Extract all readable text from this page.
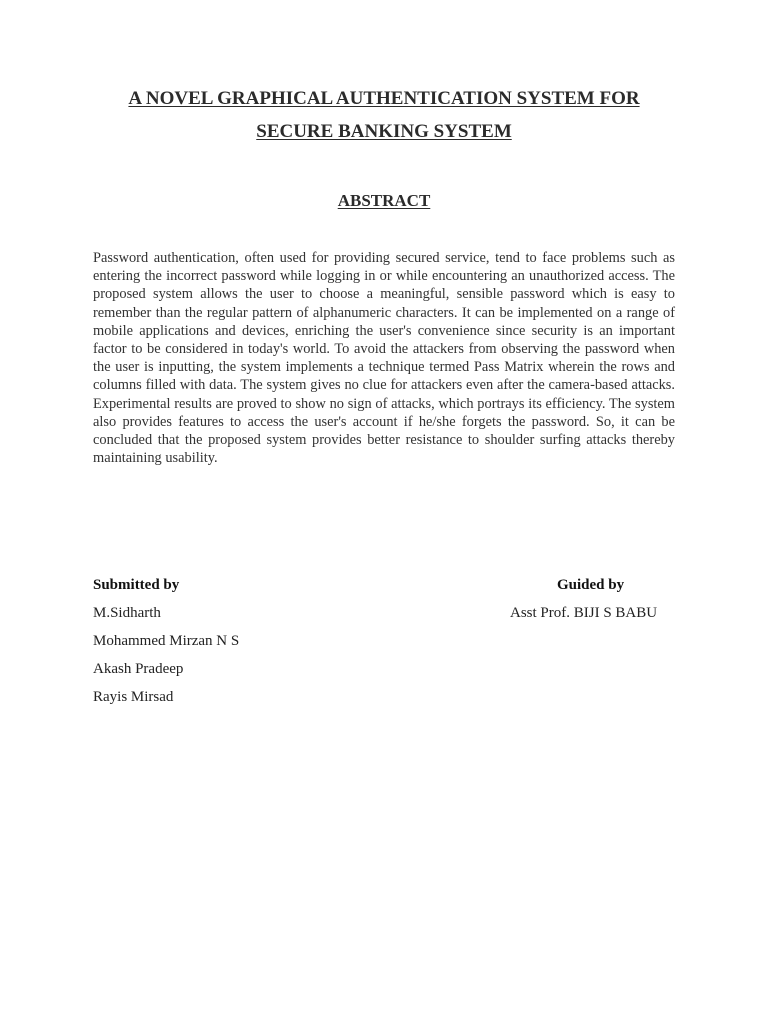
A NOVEL GRAPHICAL AUTHENTICATION SYSTEM FOR
SECURE BANKING SYSTEM
ABSTRACT

Password authentication, often used for providing secured service, tend to face problems such as entering the incorrect password while logging in or while encountering an unauthorized access. The proposed system allows the user to choose a meaningful, sensible password which is easy to remember than the regular pattern of alphanumeric characters. It can be implemented on a range of mobile applications and devices, enriching the user's convenience since security is an important factor to be considered in today's world. To avoid the attackers from observing the password when the user is inputting, the system implements a technique termed Pass Matrix wherein the rows and columns filled with data. The system gives no clue for attackers even after the camera-based attacks. Experimental results are proved to show no sign of attacks, which portrays its efficiency. The system also provides features to access the user's account if he/she forgets the password. So, it can be concluded that the proposed system provides better resistance to shoulder surfing attacks thereby maintaining usability.

Submitted by

M.Sidharth

Mohammed Mirzan N S

Akash Pradeep

Rayis Mirsad

Guided by

Asst Prof. BIJI S BABU
